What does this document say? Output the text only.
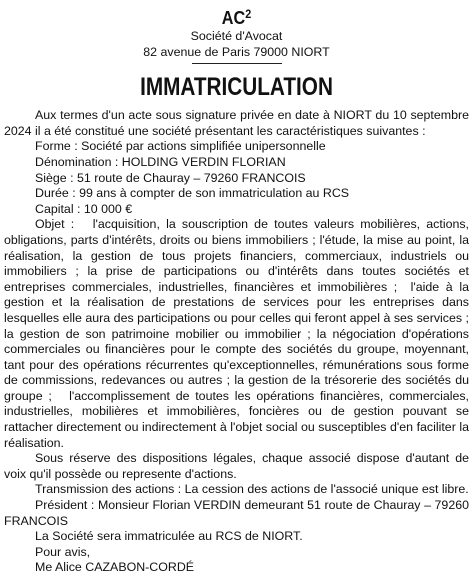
$AC^2$
Société d'Avocat
82 avenue de Paris 79000 NIORT
IMMATRICULATION

Aux termes d'un acte sous signature privée en date à NIORT du 10 septembre 2024 il a été constitué une société présentant les caractéristiques suivantes :

Forme : Société par actions simplifiée unipersonnelle

Dénomination : HOLDING VERDIN FLORIAN

Siège : 51 route de Chauray – 79260 FRANCOIS

Durée : 99 ans à compter de son immatriculation au RCS

Capital : 10 000 €

Objet :   l'acquisition, la souscription de toutes valeurs mobilières, actions, obligations, parts d'intérêts, droits ou biens immobiliers ; l'étude, la mise au point, la réalisation, la gestion de tous projets financiers, commerciaux, industriels ou immobiliers ; la prise de participations ou d'intérêts dans toutes sociétés et entreprises commerciales, industrielles, financières et immobilières ;  l'aide à la gestion et la réalisation de prestations de services pour les entreprises dans lesquelles elle aura des participations ou pour celles qui feront appel à ses services ; la gestion de son patrimoine mobilier ou immobilier ; la négociation d'opérations commerciales ou financières pour le compte des sociétés du groupe, moyennant, tant pour des opérations récurrentes qu'exceptionnelles, rémunérations sous forme de commissions, redevances ou autres ; la gestion de la trésorerie des sociétés du groupe ;   l'accomplissement de toutes les opérations financières, commerciales, industrielles, mobilières et immobilières, foncières ou de gestion pouvant se rattacher directement ou indirectement à l'objet social ou susceptibles d'en faciliter la réalisation.

Sous réserve des dispositions légales, chaque associé dispose d'autant de voix qu'il possède ou represente d'actions.

Transmission des actions : La cession des actions de l'associé unique est libre.

Président : Monsieur Florian VERDIN demeurant 51 route de Chauray – 79260 FRANCOIS

La Société sera immatriculée au RCS de NIORT.

Pour avis,

Me Alice CAZABON-CORDÉ
